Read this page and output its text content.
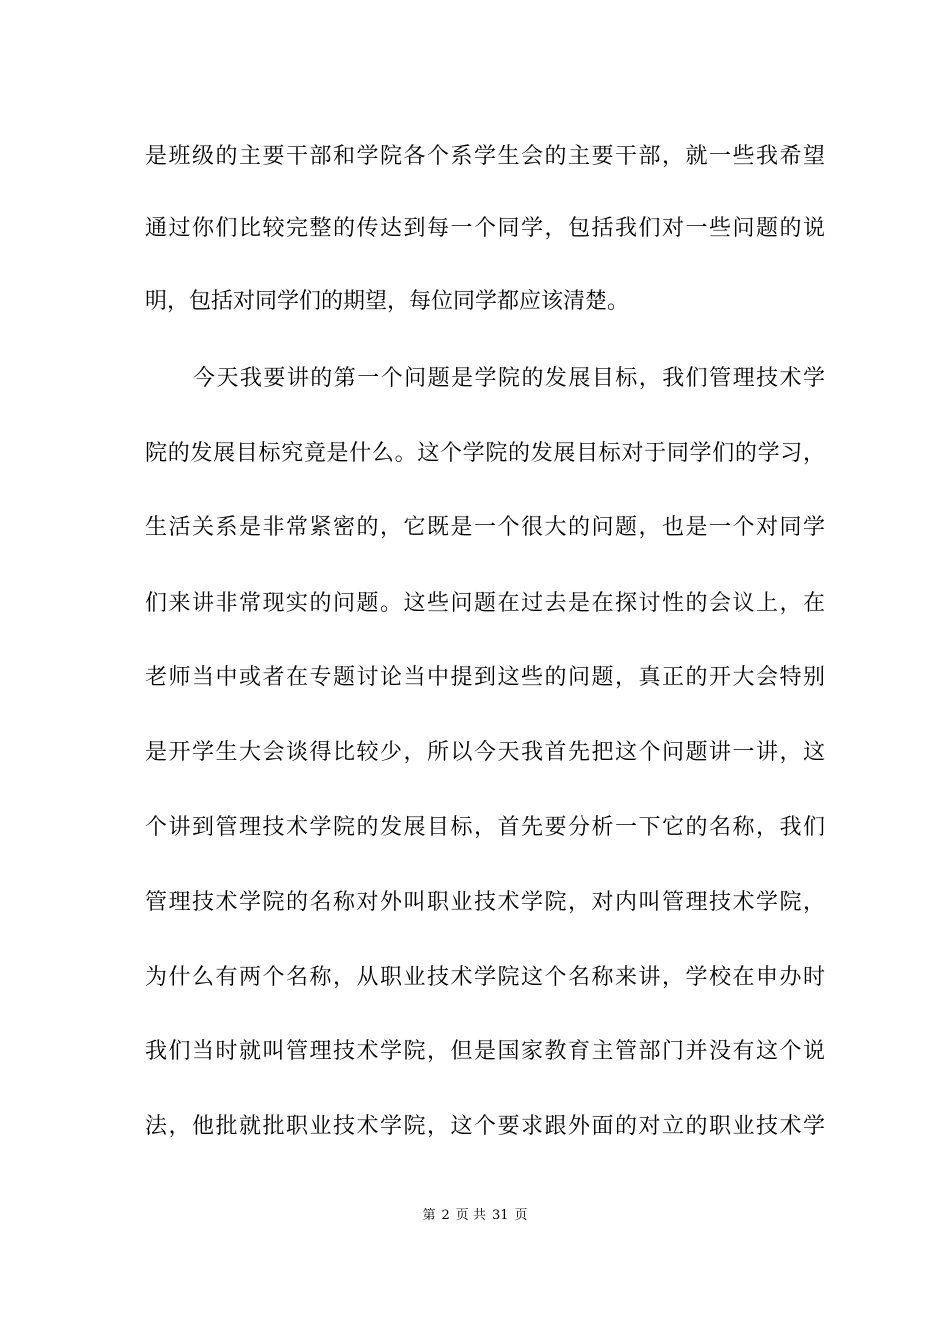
是班级的主要干部和学院各个系学生会的主要干部，就一些我希望
通过你们比较完整的传达到每一个同学，包括我们对一些问题的说
明，包括对同学们的期望，每位同学都应该清楚。
今天我要讲的第一个问题是学院的发展目标，我们管理技术学
院的发展目标究竟是什么。这个学院的发展目标对于同学们的学习，
生活关系是非常紧密的，它既是一个很大的问题，也是一个对同学
们来讲非常现实的问题。这些问题在过去是在探讨性的会议上，在
老师当中或者在专题讨论当中提到这些的问题，真正的开大会特别
是开学生大会谈得比较少，所以今天我首先把这个问题讲一讲，这
个讲到管理技术学院的发展目标，首先要分析一下它的名称，我们
管理技术学院的名称对外叫职业技术学院，对内叫管理技术学院，
为什么有两个名称，从职业技术学院这个名称来讲，学校在申办时
我们当时就叫管理技术学院，但是国家教育主管部门并没有这个说
法，他批就批职业技术学院，这个要求跟外面的对立的职业技术学
第 2 页 共 31 页
